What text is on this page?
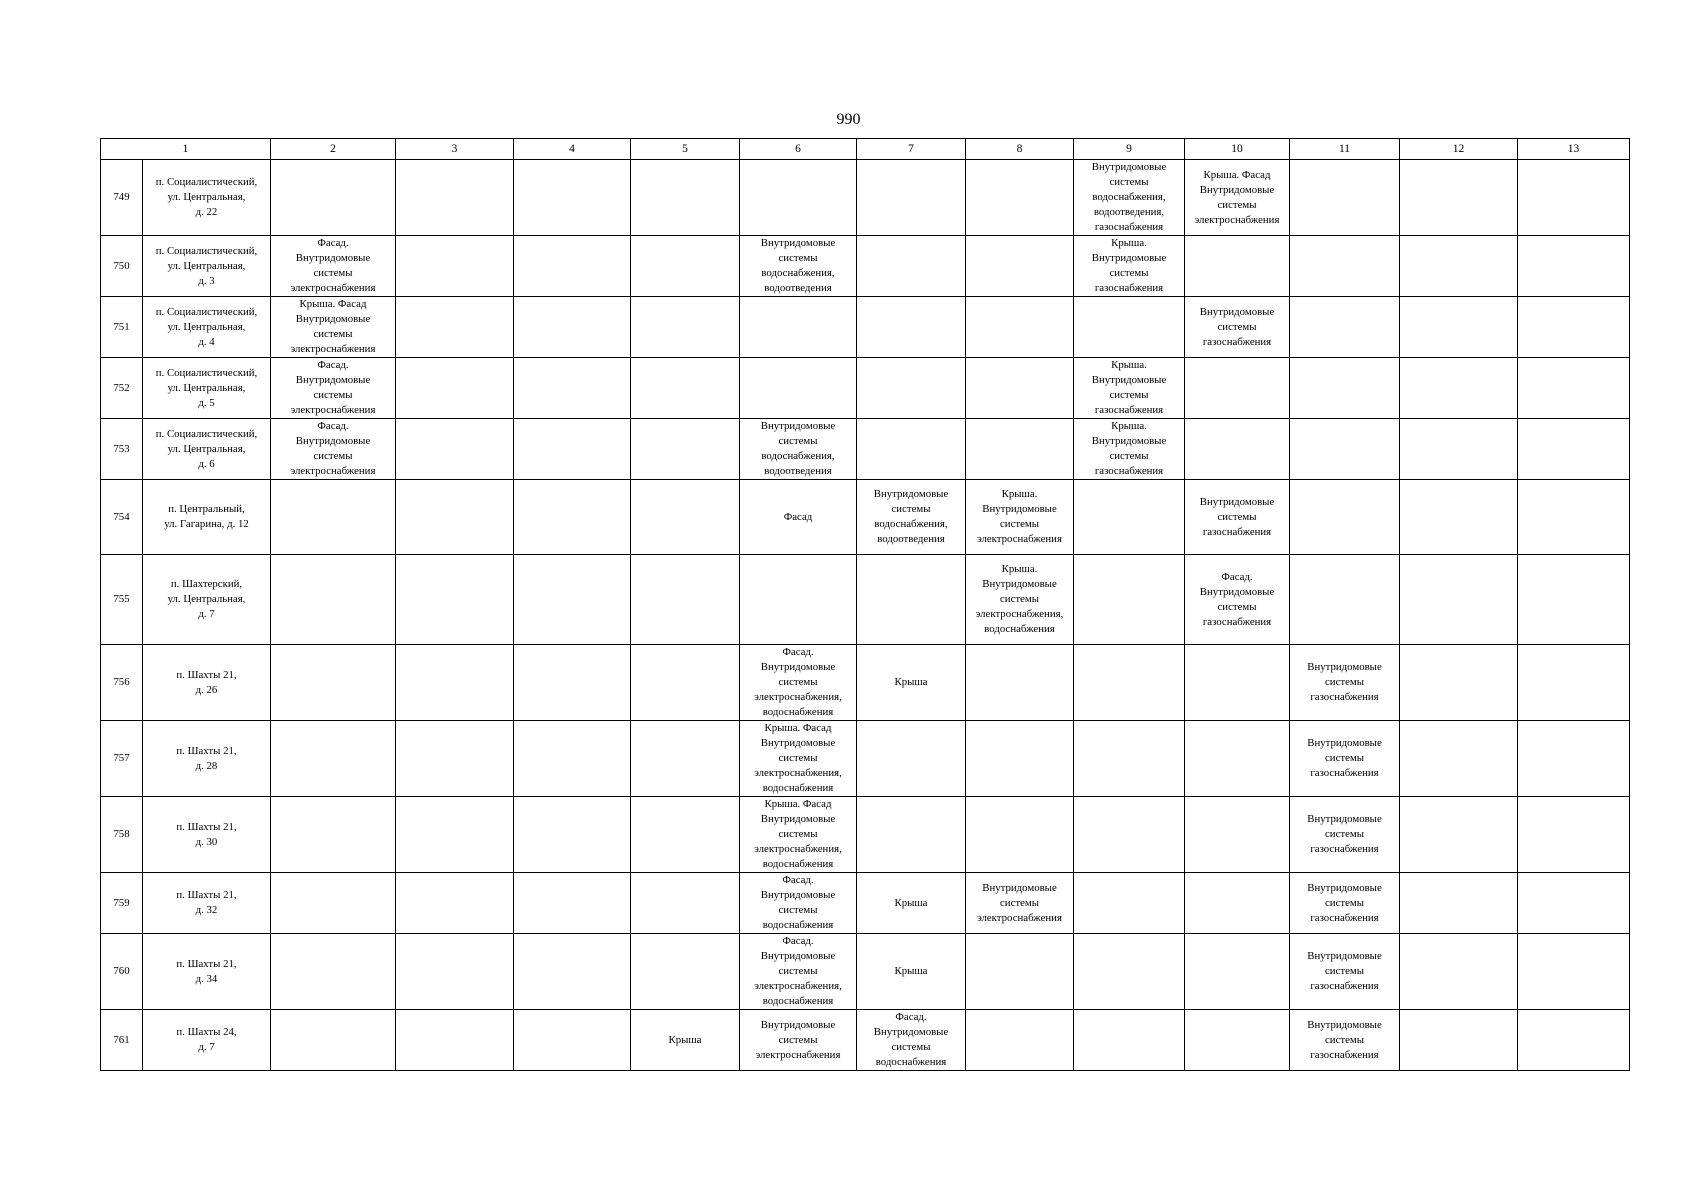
990
1		2	3	4	5	6	7	8	9	10	11	12	13
749	п. Социалистический,
ул. Центральная,
д. 22								Внутридомовые
системы
водоснабжения,
водоотведения,
газоснабжения	Крыша. Фасад
Внутридомовые
системы
электроснабжения			

750	п. Социалистический,
ул. Центральная,
д. 3	Фасад.
Внутридомовые
системы
электроснабжения				Внутридомовые
системы
водоснабжения,
водоотведения			Крыша.
Внутридомовые
системы
газоснабжения				

751	п. Социалистический,
ул. Центральная,
д. 4	Крыша. Фасад
Внутридомовые
системы
электроснабжения								Внутридомовые
системы
газоснабжения			

752	п. Социалистический,
ул. Центральная,
д. 5	Фасад.
Внутридомовые
системы
электроснабжения							Крыша.
Внутридомовые
системы
газоснабжения				

753	п. Социалистический,
ул. Центральная,
д. 6	Фасад.
Внутридомовые
системы
электроснабжения				Внутридомовые
системы
водоснабжения,
водоотведения			Крыша.
Внутридомовые
системы
газоснабжения				

754	п. Центральный,
ул. Гагарина, д. 12					Фасад	Внутридомовые
системы
водоснабжения,
водоотведения	Крыша.
Внутридомовые
системы
электроснабжения		Внутридомовые
системы
газоснабжения			

755	п. Шахтерский,
ул. Центральная,
д. 7							Крыша.
Внутридомовые
системы
электроснабжения,
водоснабжения		Фасад.
Внутридомовые
системы
газоснабжения			

756	п. Шахты 21,
д. 26					Фасад.
Внутридомовые
системы
электроснабжения,
водоснабжения	Крыша				Внутридомовые
системы
газоснабжения		

757	п. Шахты 21,
д. 28					Крыша. Фасад
Внутридомовые
системы
электроснабжения,
водоснабжения					Внутридомовые
системы
газоснабжения		

758	п. Шахты 21,
д. 30					Крыша. Фасад
Внутридомовые
системы
электроснабжения,
водоснабжения					Внутридомовые
системы
газоснабжения		

759	п. Шахты 21,
д. 32					Фасад.
Внутридомовые
системы
водоснабжения	Крыша	Внутридомовые
системы
электроснабжения			Внутридомовые
системы
газоснабжения		

760	п. Шахты 21,
д. 34					Фасад.
Внутридомовые
системы
электроснабжения,
водоснабжения	Крыша				Внутридомовые
системы
газоснабжения		

761	п. Шахты 24,
д. 7				Крыша	Внутридомовые
системы
электроснабжения	Фасад.
Внутридомовые
системы
водоснабжения				Внутридомовые
системы
газоснабжения		
